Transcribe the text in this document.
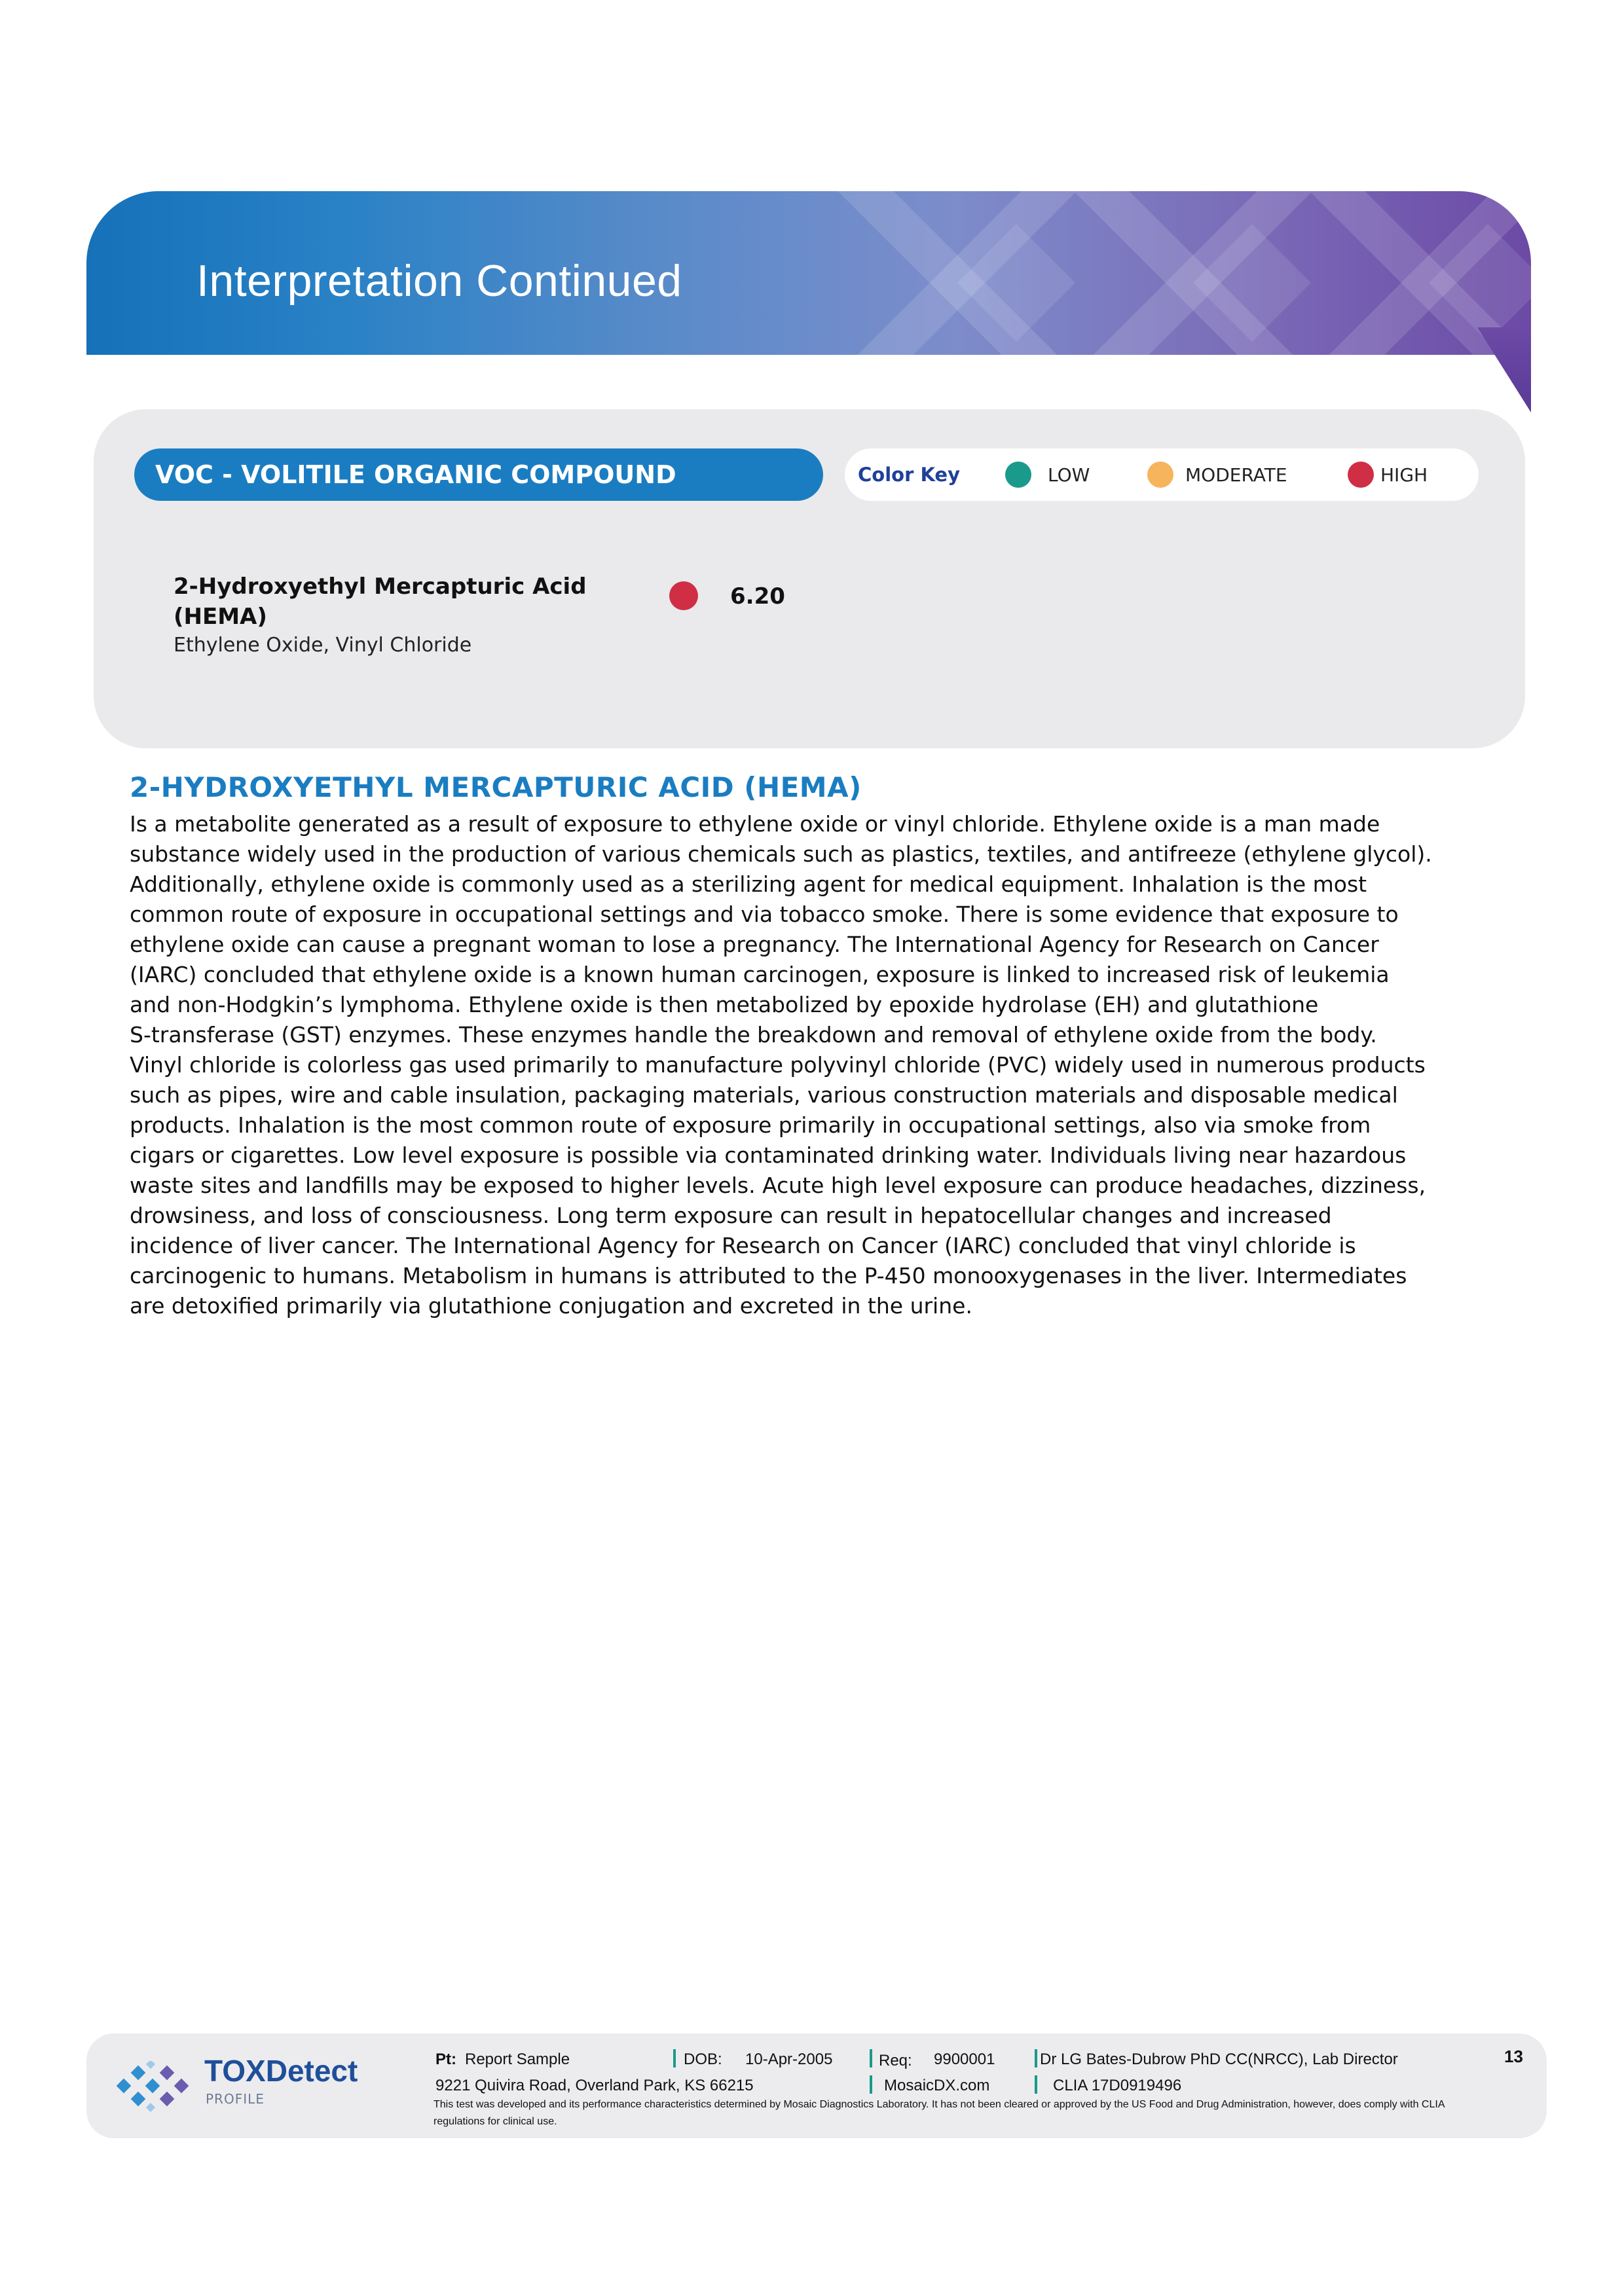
Interpretation Continued
VOC - VOLITILE ORGANIC COMPOUND	Color Key	LOW	MODERATE	HIGH
2-Hydroxyethyl Mercapturic Acid (HEMA)
Ethylene Oxide, Vinyl Chloride
6.20
2-HYDROXYETHYL MERCAPTURIC ACID (HEMA)
Is a metabolite generated as a result of exposure to ethylene oxide or vinyl chloride. Ethylene oxide is a man made
substance widely used in the production of various chemicals such as plastics, textiles, and antifreeze (ethylene glycol).
Additionally, ethylene oxide is commonly used as a sterilizing agent for medical equipment. Inhalation is the most
common route of exposure in occupational settings and via tobacco smoke. There is some evidence that exposure to
ethylene oxide can cause a pregnant woman to lose a pregnancy. The International Agency for Research on Cancer
(IARC) concluded that ethylene oxide is a known human carcinogen, exposure is linked to increased risk of leukemia
and non-Hodgkin’s lymphoma. Ethylene oxide is then metabolized by epoxide hydrolase (EH) and glutathione
S-transferase (GST) enzymes. These enzymes handle the breakdown and removal of ethylene oxide from the body.
Vinyl chloride is colorless gas used primarily to manufacture polyvinyl chloride (PVC) widely used in numerous products
such as pipes, wire and cable insulation, packaging materials, various construction materials and disposable medical
products. Inhalation is the most common route of exposure primarily in occupational settings, also via smoke from
cigars or cigarettes. Low level exposure is possible via contaminated drinking water. Individuals living near hazardous
waste sites and landfills may be exposed to higher levels. Acute high level exposure can produce headaches, dizziness,
drowsiness, and loss of consciousness. Long term exposure can result in hepatocellular changes and increased
incidence of liver cancer. The International Agency for Research on Cancer (IARC) concluded that vinyl chloride is
carcinogenic to humans. Metabolism in humans is attributed to the P-450 monooxygenases in the liver. Intermediates
are detoxified primarily via glutathione conjugation and excreted in the urine.
TOXDetect
PROFILE
Pt: Report Sample	DOB: 10-Apr-2005	Req: 9900001	Dr LG Bates-Dubrow PhD CC(NRCC), Lab Director	13
9221 Quivira Road, Overland Park, KS 66215	MosaicDX.com	CLIA 17D0919496
This test was developed and its performance characteristics determined by Mosaic Diagnostics Laboratory. It has not been cleared or approved by the US Food and Drug Administration, however, does comply with CLIA regulations for clinical use.
